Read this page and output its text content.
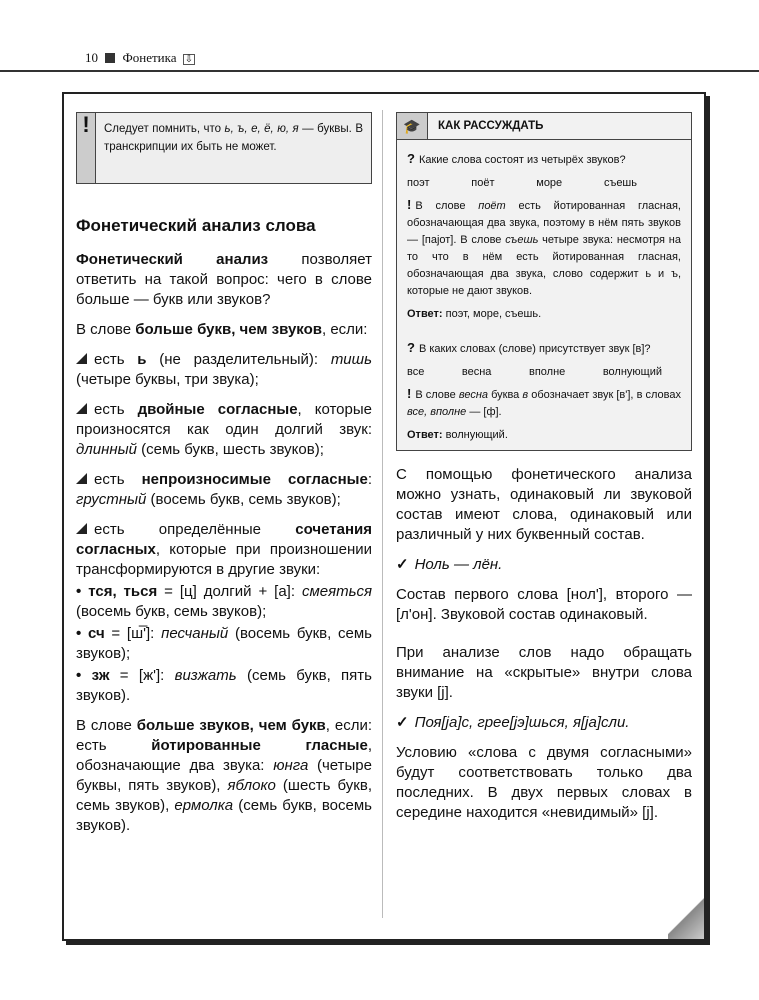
10 Фонетика ⇩
!	Следует помнить, что ь, ъ, е, ё, ю, я — буквы. В транскрипции их быть не может.
Фонетический анализ слова

Фонетический анализ позволяет ответить на такой вопрос: чего в слове больше — букв или звуков?

В слове больше букв, чем звуков, если:

есть ь (не разделительный): тишь (четыре буквы, три звука);

есть двойные согласные, которые произносятся как один долгий звук: длинный (семь букв, шесть звуков);

есть непроизносимые согласные: грустный (восемь букв, семь звуков);

есть определённые сочетания согласных, которые при произношении трансформируются в другие звуки:

• тся, ться = [ц] долгий + [а]: смеяться (восемь букв, семь звуков);

• сч = [ш̅']: песчаный (восемь букв, семь звуков);

• зж = [ж']: визжать (семь букв, пять звуков).

В слове больше звуков, чем букв, если: есть йотированные гласные, обозначающие два звука: юнга (четыре буквы, пять звуков), яблоко (шесть букв, семь звуков), ермолка (семь букв, восемь звуков).

🎓	КАК РАССУЖДАТЬ
? Какие слова состоят из четырёх звуков?
поэт	поёт	море	съешь
! В слове поёт есть йотированная гласная, обозначающая два звука, поэтому в нём пять звуков — [пајот]. В слове съешь четыре звука: несмотря на то что в нём есть йотированная гласная, обозначающая два звука, слово содержит ь и ъ, которые не дают звуков.
Ответ: поэт, море, съешь.
? В каких словах (слове) присутствует звук [в]?
все	весна	вполне	волнующий
! В слове весна буква в обозначает звук [в'], в словах все, вполне — [ф].
Ответ: волнующий.

С помощью фонетического анализа можно узнать, одинаковый ли звуковой состав имеют слова, одинаковый или различный у них буквенный состав.

✓ Ноль — лён.

Состав первого слова [нол'], второго — [л'он]. Звуковой состав одинаковый.

При анализе слов надо обращать внимание на «скрытые» внутри слова звуки [j].

✓ Поя[ја]с, грее[јэ]шься, я[ја]сли.

Условию «слова с двумя согласными» будут соответствовать только два последних. В двух первых словах в середине находится «невидимый» [j].
